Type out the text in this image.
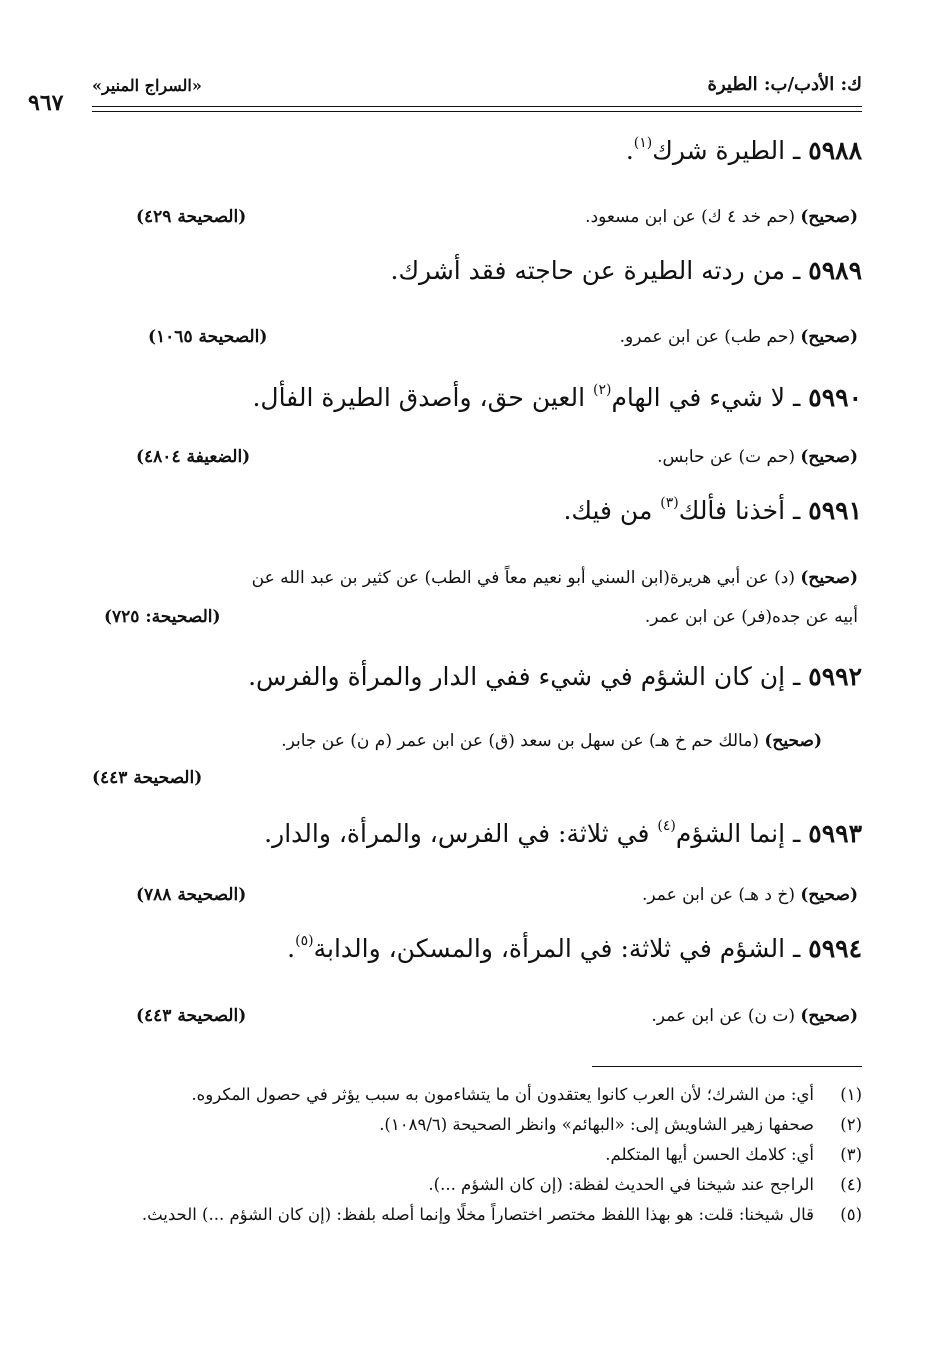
ك: الأدب/ب: الطيرة
«السراج المنير»
٩٦٧
٥٩٨٨ ـ الطيرة شرك$^{(١)}$.
(صحيح) (حم خد ٤ ك) عن ابن مسعود.
(الصحيحة ٤٢٩)
٥٩٨٩ ـ من ردته الطيرة عن حاجته فقد أشرك.
(صحيح) (حم طب) عن ابن عمرو.
(الصحيحة ١٠٦٥)
٥٩٩٠ ـ لا شيء في الهام$^{(٢)}$ العين حق، وأصدق الطيرة الفأل.
(صحيح) (حم ت) عن حابس.
(الضعيفة ٤٨٠٤)
٥٩٩١ ـ أخذنا فألك$^{(٣)}$ من فيك.
(صحيح) (د) عن أبي هريرة(ابن السني أبو نعيم معاً في الطب) عن كثير بن عبد الله عن
أبيه عن جده(فر) عن ابن عمر.
(الصحيحة: ٧٢٥)
٥٩٩٢ ـ إن كان الشؤم في شيء ففي الدار والمرأة والفرس.
(صحيح) (مالك حم خ هـ) عن سهل بن سعد (ق) عن ابن عمر (م ن) عن جابر.
(الصحيحة ٤٤٣)
٥٩٩٣ ـ إنما الشؤم$^{(٤)}$ في ثلاثة: في الفرس، والمرأة، والدار.
(صحيح) (خ د هـ) عن ابن عمر.
(الصحيحة ٧٨٨)
٥٩٩٤ ـ الشؤم في ثلاثة: في المرأة، والمسكن، والدابة$^{(٥)}$.
(صحيح) (ت ن) عن ابن عمر.
(الصحيحة ٤٤٣)
(١)
أي: من الشرك؛ لأن العرب كانوا يعتقدون أن ما يتشاءمون به سبب يؤثر في حصول المكروه.
(٢)
صحفها زهير الشاويش إلى: «البهائم» وانظر الصحيحة (١٠٨٩/٦).
(٣)
أي: كلامك الحسن أيها المتكلم.
(٤)
الراجح عند شيخنا في الحديث لفظة: (إن كان الشؤم ...).
(٥)
قال شيخنا: قلت: هو بهذا اللفظ مختصر اختصاراً مخلًا وإنما أصله بلفظ: (إن كان الشؤم ...) الحديث.
